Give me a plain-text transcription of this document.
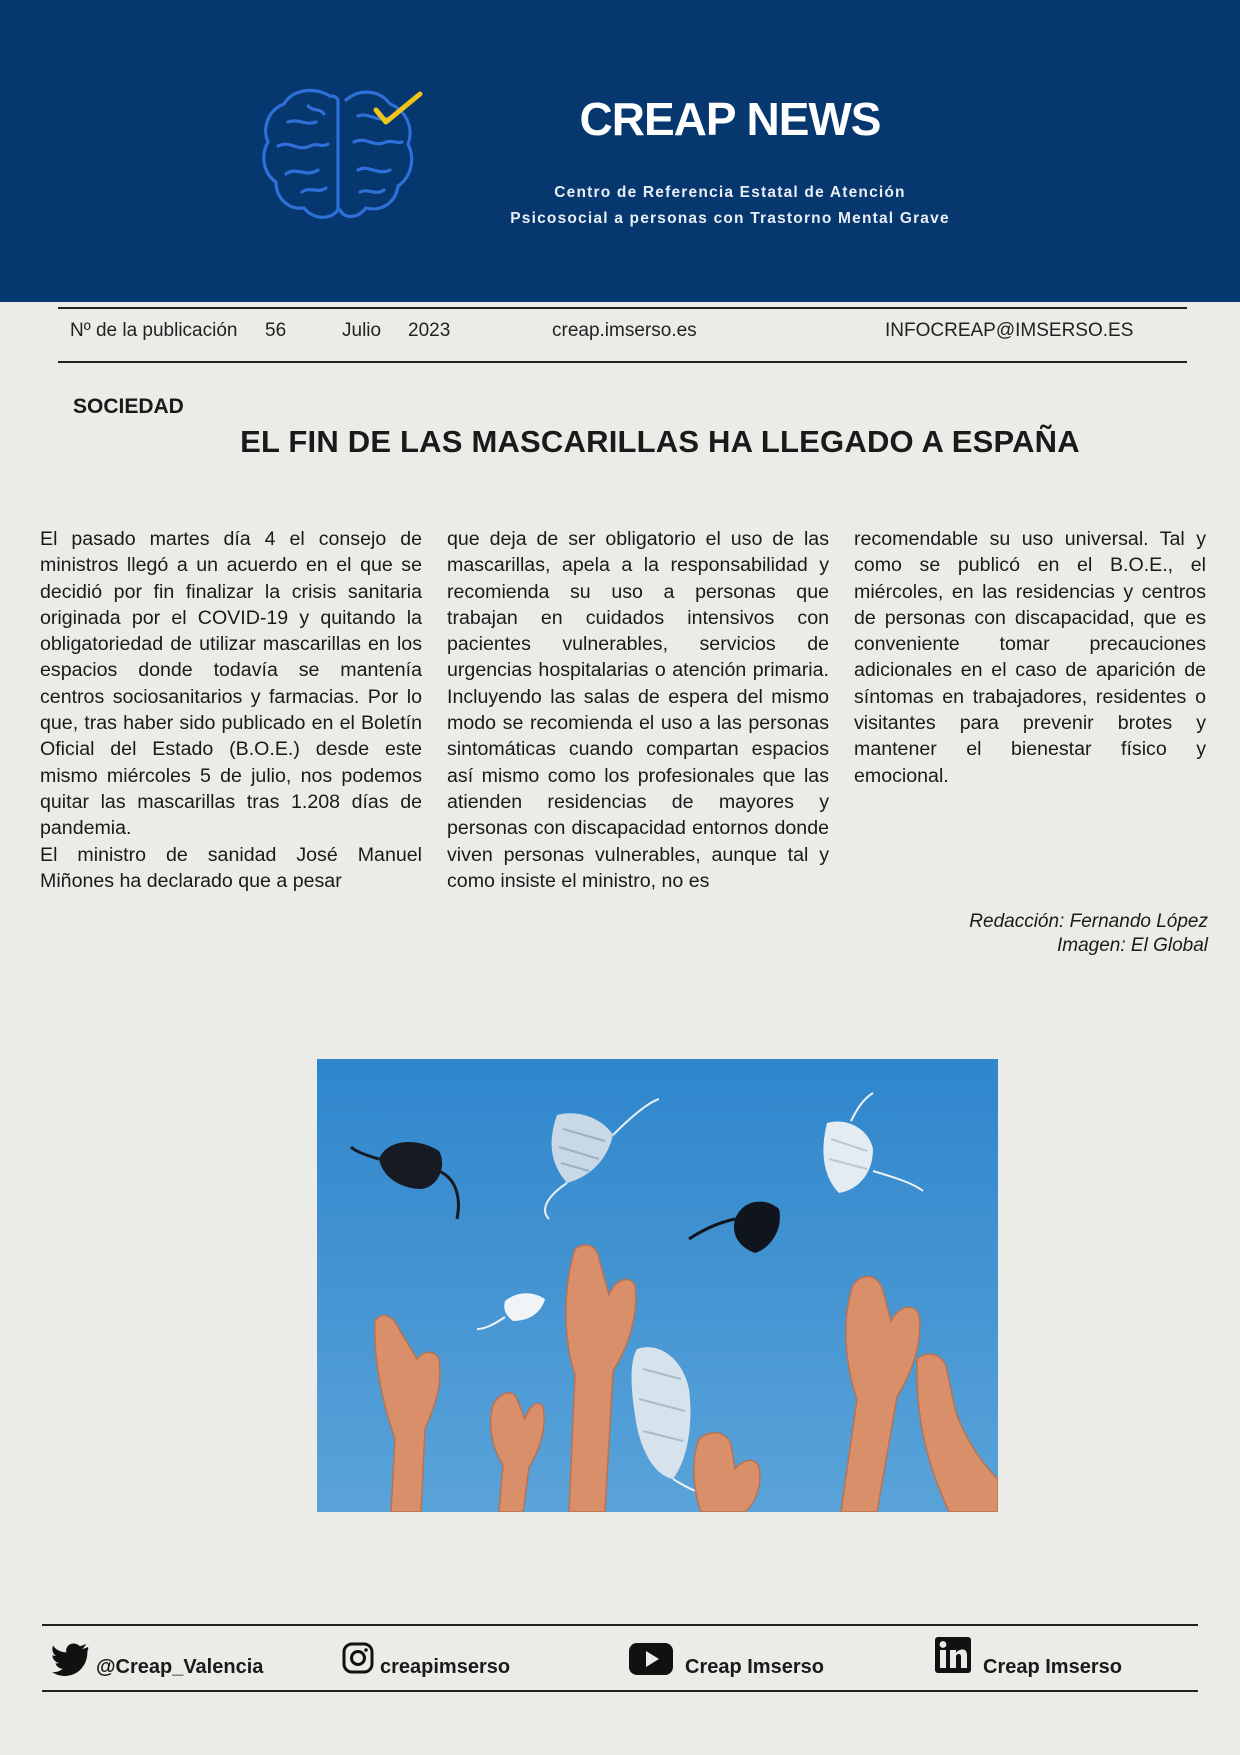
CREAP NEWS
Centro de Referencia Estatal de Atención
Psicosocial a personas con Trastorno Mental Grave
Nº de la publicación 56	Julio 2023	creap.imserso.es	INFOCREAP@IMSERSO.ES
SOCIEDAD
EL FIN DE LAS MASCARILLAS HA LLEGADO A ESPAÑA

El pasado martes día 4 el consejo de ministros llegó a un acuerdo en el que se decidió por fin finalizar la crisis sanitaria originada por el COVID-19 y quitando la obligatoriedad de utilizar mascarillas en los espacios donde todavía se mantenía centros sociosanitarios y farmacias. Por lo que, tras haber sido publicado en el Boletín Oficial del Estado (B.O.E.) desde este mismo miércoles 5 de julio, nos podemos quitar las mascarillas tras 1.208 días de pandemia.

El ministro de sanidad José Manuel Miñones ha declarado que a pesar

que deja de ser obligatorio el uso de las mascarillas, apela a la responsabilidad y recomienda su uso a personas que trabajan en cuidados intensivos con pacientes vulnerables, servicios de urgencias hospitalarias o atención primaria. Incluyendo las salas de espera del mismo modo se recomienda el uso a las personas sintomáticas cuando compartan espacios así mismo como los profesionales que las atienden residencias de mayores y personas con discapacidad entornos donde viven personas vulnerables, aunque tal y como insiste el ministro, no es

recomendable su uso universal. Tal y como se publicó en el B.O.E., el miércoles, en las residencias y centros de personas con discapacidad, que es conveniente tomar precauciones adicionales en el caso de aparición de síntomas en trabajadores, residentes o visitantes para prevenir brotes y mantener el bienestar físico y emocional.

Redacción: Fernando López
Imagen: El Global
@Creap_Valencia	creapimserso	Creap Imserso	Creap Imserso
